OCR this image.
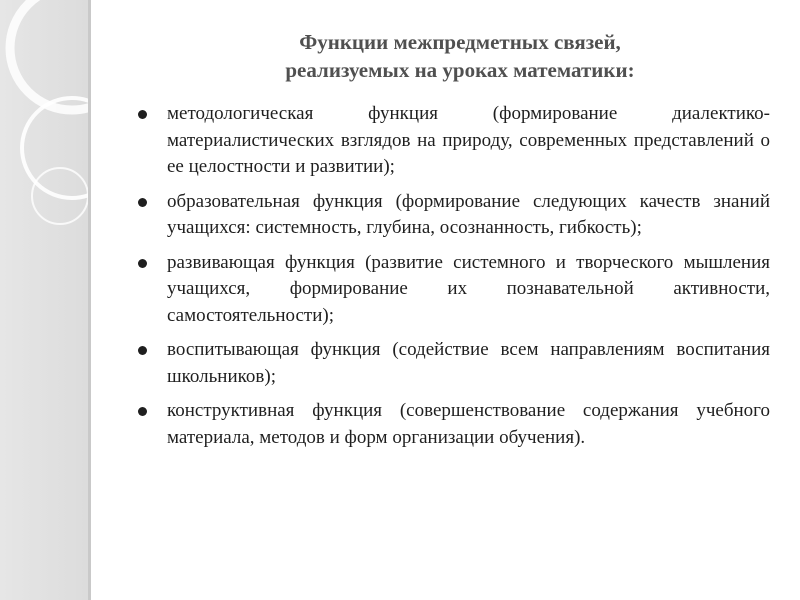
Функции межпредметных связей,
реализуемых на уроках математики:
методологическая функция (формирование диалектико-материалистических взглядов на природу, современных представлений о ее целостности и развитии);
образовательная функция (формирование следующих качеств знаний учащихся: системность, глубина, осознанность, гибкость);
развивающая функция (развитие системного и творческого мышления учащихся, формирование их познавательной активности, самостоятельности);
воспитывающая функция (содействие всем направлениям воспитания школьников);
конструктивная функция (совершенствование содержания учебного материала, методов и форм организации обучения).
